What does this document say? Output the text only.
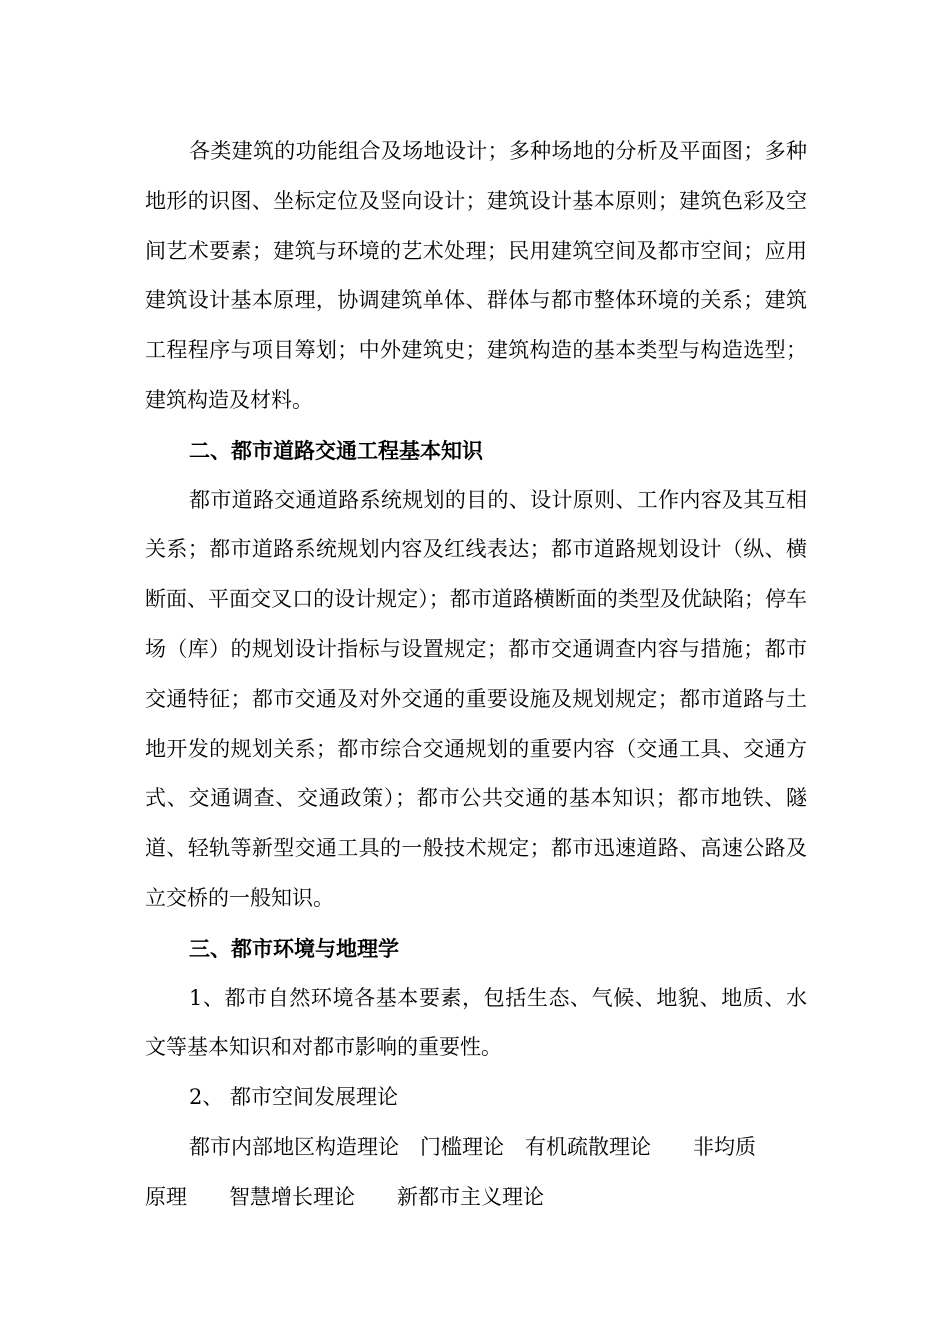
各类建筑的功能组合及场地设计；多种场地的分析及平面图；多种地形的识图、坐标定位及竖向设计；建筑设计基本原则；建筑色彩及空间艺术要素；建筑与环境的艺术处理；民用建筑空间及都市空间；应用建筑设计基本原理，协调建筑单体、群体与都市整体环境的关系；建筑工程程序与项目筹划；中外建筑史；建筑构造的基本类型与构造选型；建筑构造及材料。

二、都市道路交通工程基本知识

都市道路交通道路系统规划的目的、设计原则、工作内容及其互相关系；都市道路系统规划内容及红线表达；都市道路规划设计（纵、横断面、平面交叉口的设计规定）；都市道路横断面的类型及优缺陷；停车场（库）的规划设计指标与设置规定；都市交通调查内容与措施；都市交通特征；都市交通及对外交通的重要设施及规划规定；都市道路与土地开发的规划关系；都市综合交通规划的重要内容（交通工具、交通方式、交通调查、交通政策）；都市公共交通的基本知识；都市地铁、隧道、轻轨等新型交通工具的一般技术规定；都市迅速道路、高速公路及立交桥的一般知识。

三、都市环境与地理学

1、都市自然环境各基本要素，包括生态、气候、地貌、地质、水文等基本知识和对都市影响的重要性。

2、 都市空间发展理论

都市内部地区构造理论　门槛理论　有机疏散理论　　非均质
原理　　智慧增长理论　　新都市主义理论
